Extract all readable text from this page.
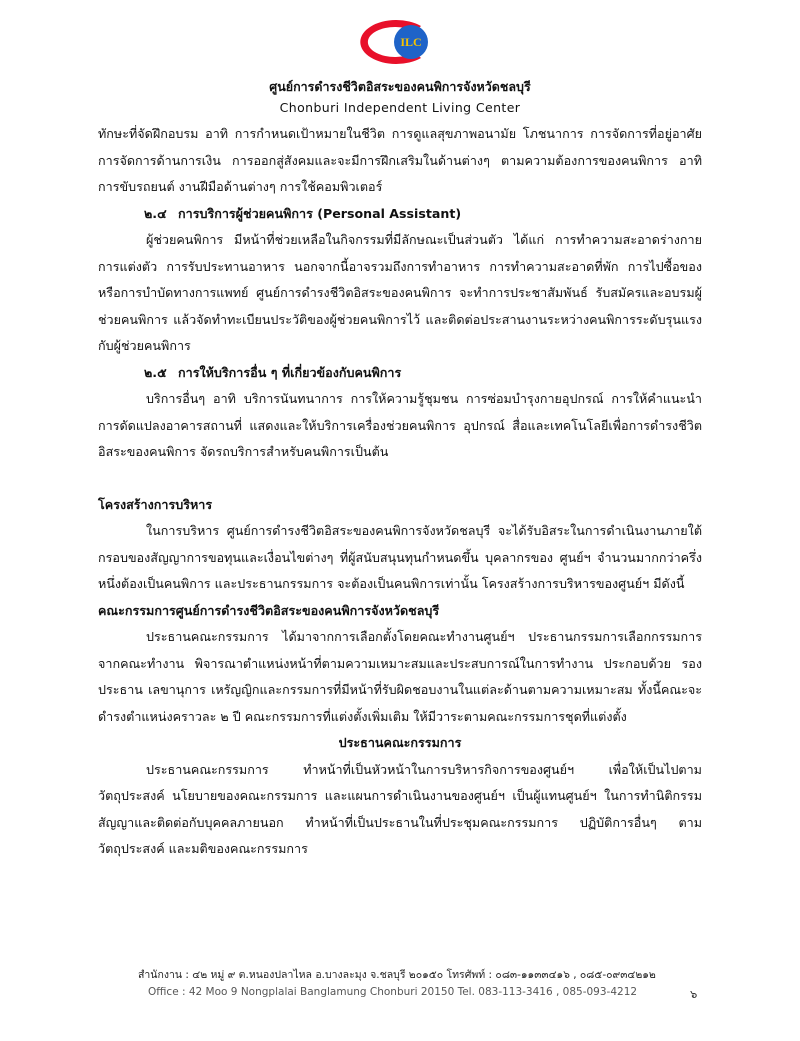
ILC
ศูนย์การดำรงชีวิตอิสระของคนพิการจังหวัดชลบุรี
Chonburi Independent Living Center

ทักษะที่จัดฝึกอบรม อาทิ การกำหนดเป้าหมายในชีวิต การดูแลสุขภาพอนามัย โภชนาการ การจัดการที่อยู่อาศัย การจัดการด้านการเงิน การออกสู่สังคมและจะมีการฝึกเสริมในด้านต่างๆ ตามความต้องการของคนพิการ อาทิ การขับรถยนต์ งานฝีมือด้านต่างๆ การใช้คอมพิวเตอร์

๒.๔ การบริการผู้ช่วยคนพิการ (Personal Assistant)

ผู้ช่วยคนพิการ มีหน้าที่ช่วยเหลือในกิจกรรมที่มีลักษณะเป็นส่วนตัว ได้แก่ การทำความสะอาดร่างกาย การแต่งตัว การรับประทานอาหาร นอกจากนี้อาจรวมถึงการทำอาหาร การทำความสะอาดที่พัก การไปซื้อของหรือการบำบัดทางการแพทย์ ศูนย์การดำรงชีวิตอิสระของคนพิการ จะทำการประชาสัมพันธ์ รับสมัครและอบรมผู้ช่วยคนพิการ แล้วจัดทำทะเบียนประวัติของผู้ช่วยคนพิการไว้ และติดต่อประสานงานระหว่างคนพิการระดับรุนแรงกับผู้ช่วยคนพิการ

๒.๕ การให้บริการอื่น ๆ ที่เกี่ยวข้องกับคนพิการ

บริการอื่นๆ อาทิ บริการนันทนาการ การให้ความรู้ชุมชน การซ่อมบำรุงกายอุปกรณ์ การให้คำแนะนำการดัดแปลงอาคารสถานที่ แสดงและให้บริการเครื่องช่วยคนพิการ อุปกรณ์ สื่อและเทคโนโลยีเพื่อการดำรงชีวิตอิสระของคนพิการ จัดรถบริการสำหรับคนพิการเป็นต้น

โครงสร้างการบริหาร

ในการบริหาร ศูนย์การดำรงชีวิตอิสระของคนพิการจังหวัดชลบุรี จะได้รับอิสระในการดำเนินงานภายใต้กรอบของสัญญาการขอทุนและเงื่อนไขต่างๆ ที่ผู้สนับสนุนทุนกำหนดขึ้น บุคลากรของ ศูนย์ฯ จำนวนมากกว่าครึ่งหนึ่งต้องเป็นคนพิการ และประธานกรรมการ จะต้องเป็นคนพิการเท่านั้น โครงสร้างการบริหารของศูนย์ฯ มีดังนี้

คณะกรรมการศูนย์การดำรงชีวิตอิสระของคนพิการจังหวัดชลบุรี

ประธานคณะกรรมการ ได้มาจากการเลือกตั้งโดยคณะทำงานศูนย์ฯ ประธานกรรมการเลือกกรรมการจากคณะทำงาน พิจารณาตำแหน่งหน้าที่ตามความเหมาะสมและประสบการณ์ในการทำงาน ประกอบด้วย รองประธาน เลขานุการ เหรัญญิกและกรรมการที่มีหน้าที่รับผิดชอบงานในแต่ละด้านตามความเหมาะสม ทั้งนี้คณะจะดำรงตำแหน่งคราวละ ๒ ปี คณะกรรมการที่แต่งตั้งเพิ่มเติม ให้มีวาระตามคณะกรรมการชุดที่แต่งตั้ง

ประธานคณะกรรมการ

ประธานคณะกรรมการ ทำหน้าที่เป็นหัวหน้าในการบริหารกิจการของศูนย์ฯ เพื่อให้เป็นไปตามวัตถุประสงค์ นโยบายของคณะกรรมการ และแผนการดำเนินงานของศูนย์ฯ เป็นผู้แทนศูนย์ฯ ในการทำนิติกรรมสัญญาและติดต่อกับบุคคลภายนอก ทำหน้าที่เป็นประธานในที่ประชุมคณะกรรมการ ปฏิบัติการอื่นๆ ตามวัตถุประสงค์ และมติของคณะกรรมการ

สำนักงาน : ๔๒ หมู่ ๙ ต.หนองปลาไหล อ.บางละมุง จ.ชลบุรี ๒๐๑๕๐ โทรศัพท์ : ๐๘๓-๑๑๓๓๔๑๖ , ๐๘๕-๐๙๓๔๒๑๒
Office : 42 Moo 9 Nongplalai Banglamung Chonburi 20150 Tel. 083-113-3416 , 085-093-4212	๖
